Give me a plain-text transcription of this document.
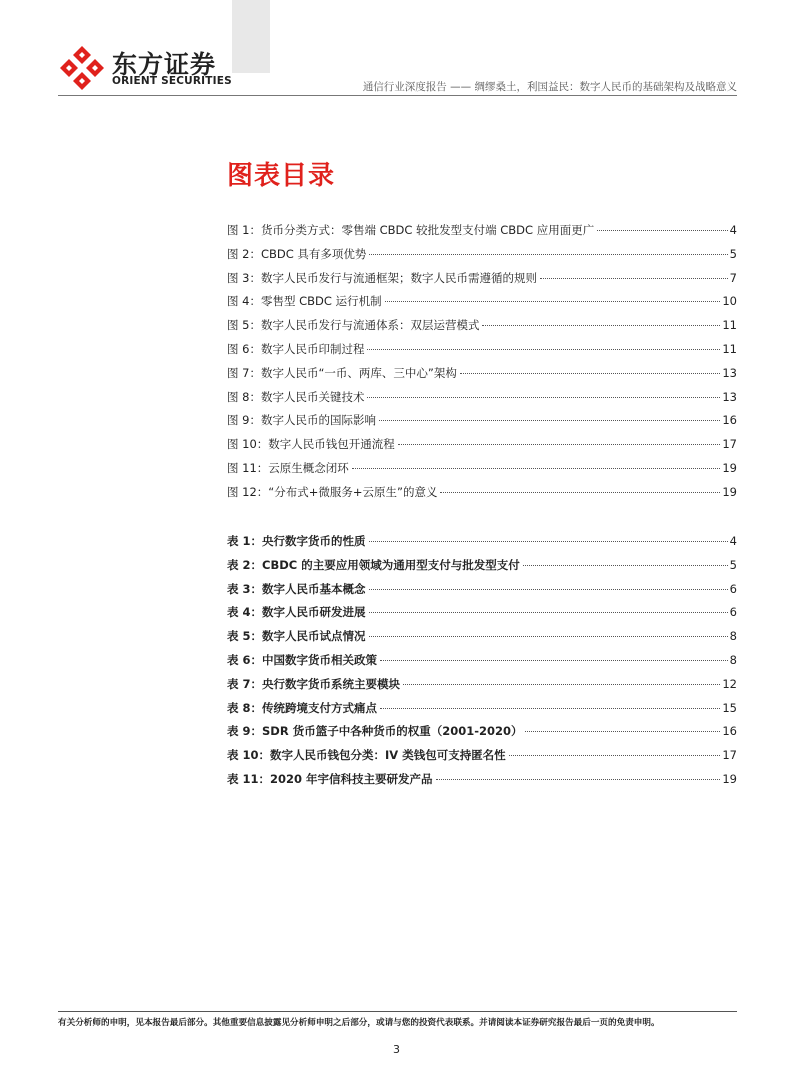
东方证券
ORIENT SECURITIES	通信行业深度报告 —— 绸缪桑土，利国益民：数字人民币的基础架构及战略意义
图表目录
图 1：货币分类方式：零售端 CBDC 较批发型支付端 CBDC 应用面更广	4
图 2：CBDC 具有多项优势	5
图 3：数字人民币发行与流通框架；数字人民币需遵循的规则	7
图 4：零售型 CBDC 运行机制	10
图 5：数字人民币发行与流通体系：双层运营模式	11
图 6：数字人民币印制过程	11
图 7：数字人民币“一币、两库、三中心”架构	13
图 8：数字人民币关键技术	13
图 9：数字人民币的国际影响	16
图 10：数字人民币钱包开通流程	17
图 11：云原生概念闭环	19
图 12：“分布式+微服务+云原生”的意义	19
表 1：央行数字货币的性质	4
表 2：CBDC 的主要应用领域为通用型支付与批发型支付	5
表 3：数字人民币基本概念	6
表 4：数字人民币研发进展	6
表 5：数字人民币试点情况	8
表 6：中国数字货币相关政策	8
表 7：央行数字货币系统主要模块	12
表 8：传统跨境支付方式痛点	15
表 9：SDR 货币篮子中各种货币的权重（2001-2020）	16
表 10：数字人民币钱包分类：IV 类钱包可支持匿名性	17
表 11：2020 年宇信科技主要研发产品	19
有关分析师的申明，见本报告最后部分。其他重要信息披露见分析师申明之后部分，或请与您的投资代表联系。并请阅读本证券研究报告最后一页的免责申明。
3
